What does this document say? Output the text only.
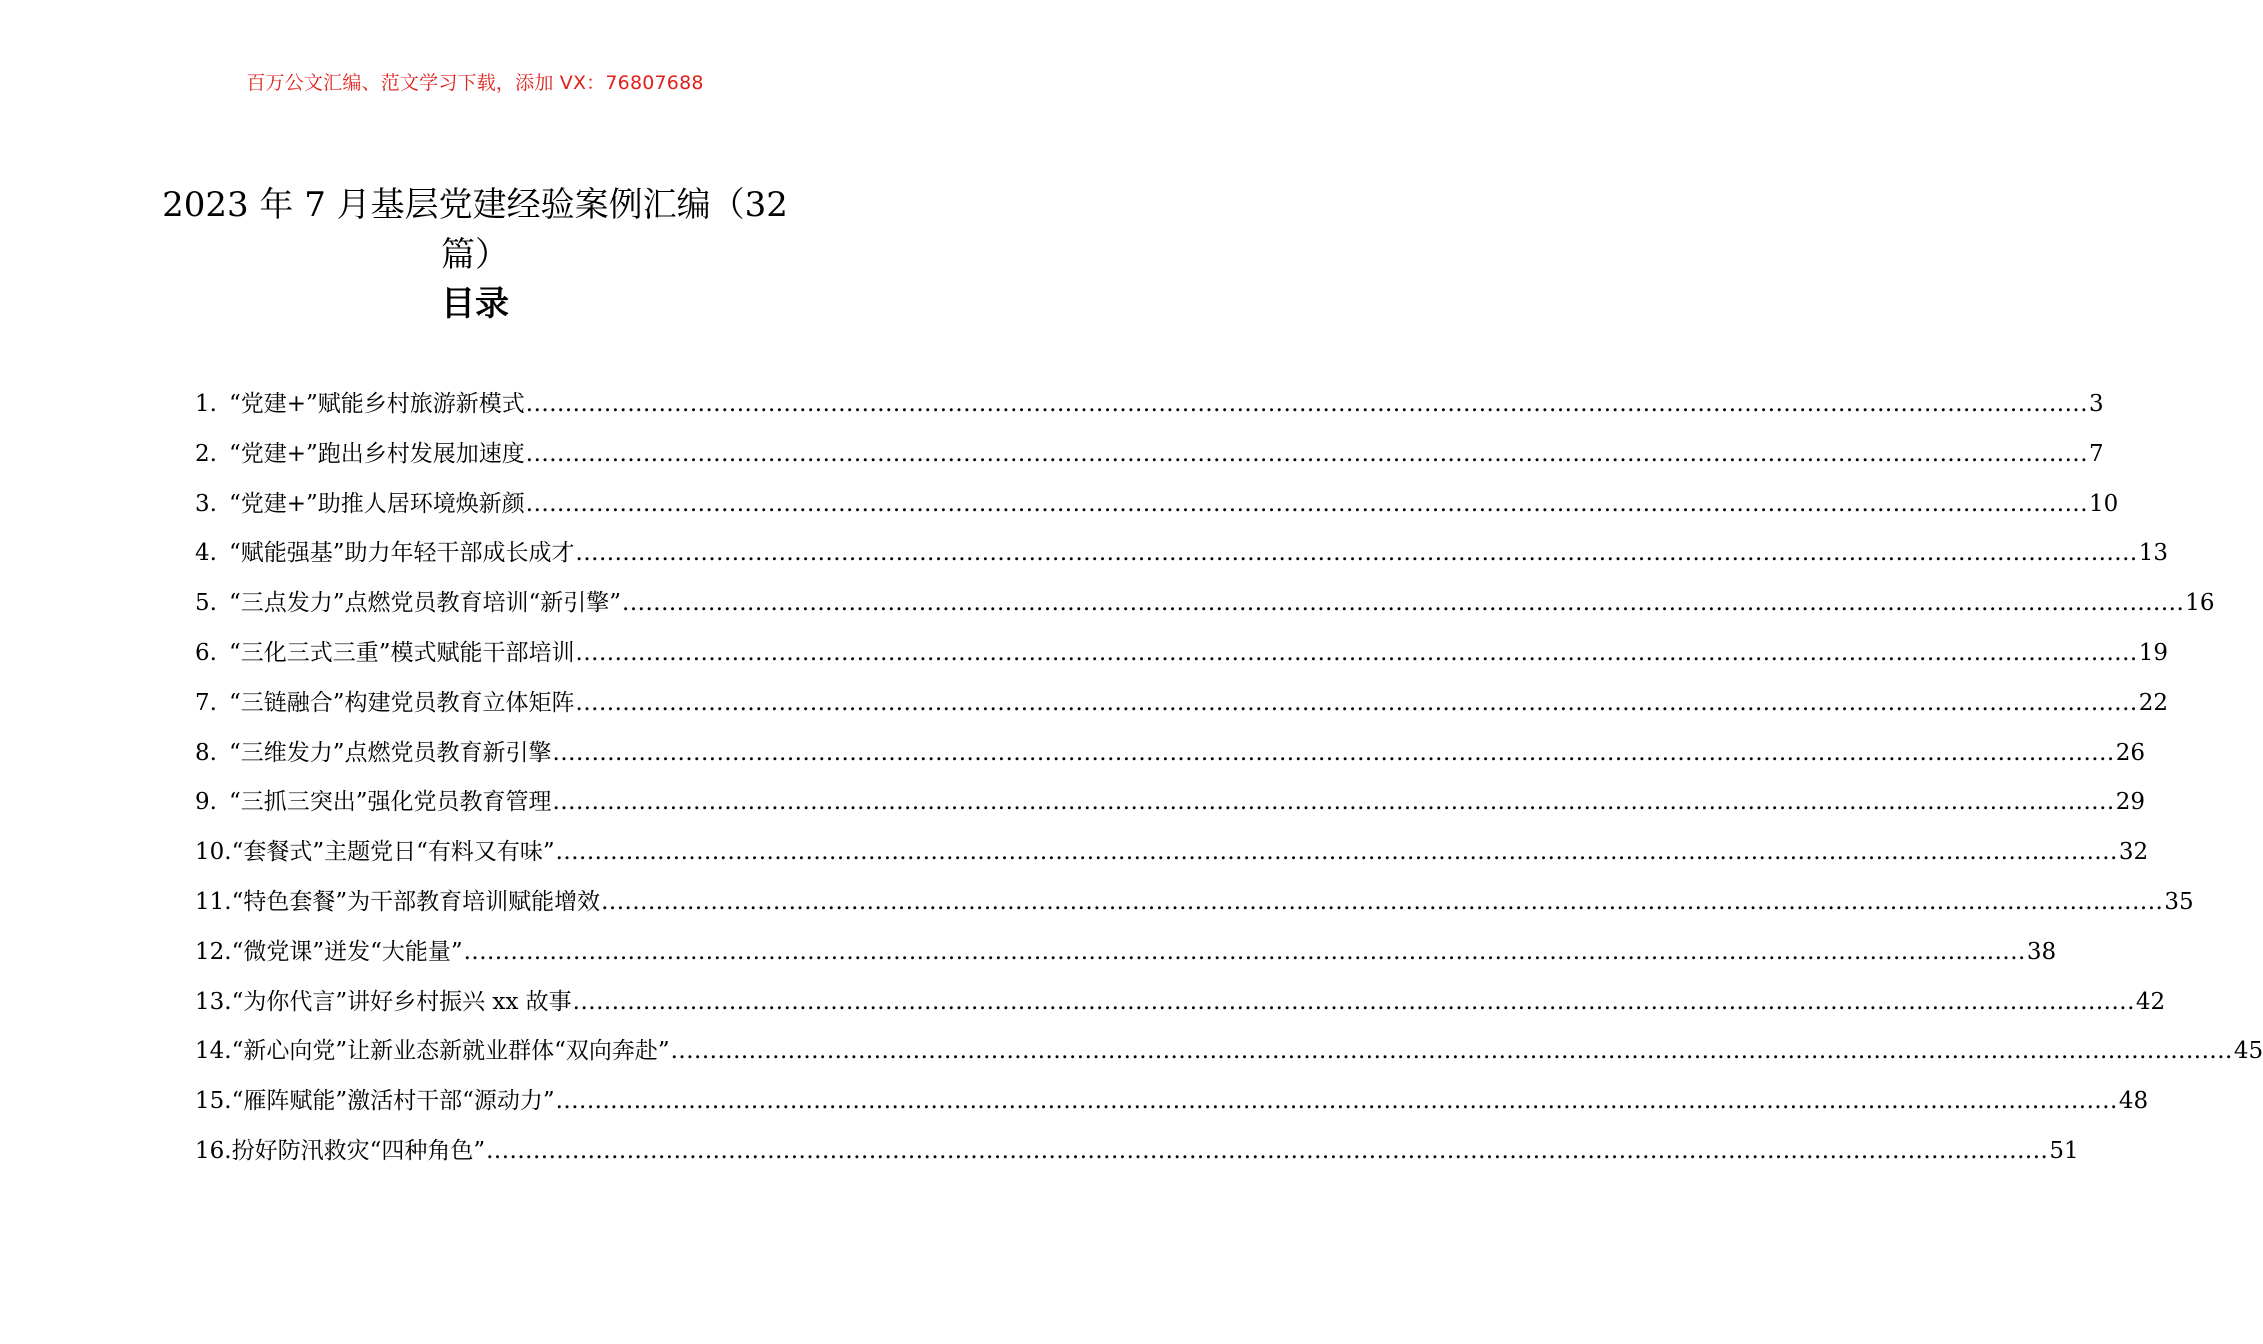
百万公文汇编、范文学习下载，添加 VX：76807688
2023 年 7 月基层党建经验案例汇编（32 篇）
目录
1. “党建+”赋能乡村旅游新模式 ........................................................................................................................................................................................................ 3
2. “党建+”跑出乡村发展加速度 ........................................................................................................................................................................................................ 7
3. “党建+”助推人居环境焕新颜 ........................................................................................................................................................................................................ 10
4. “赋能强基”助力年轻干部成长成才 ........................................................................................................................................................................................................ 13
5. “三点发力”点燃党员教育培训“新引擎” ........................................................................................................................................................................................................ 16
6. “三化三式三重”模式赋能干部培训 ........................................................................................................................................................................................................ 19
7. “三链融合”构建党员教育立体矩阵 ........................................................................................................................................................................................................ 22
8. “三维发力”点燃党员教育新引擎 ........................................................................................................................................................................................................ 26
9. “三抓三突出”强化党员教育管理 ........................................................................................................................................................................................................ 29
10. “套餐式”主题党日“有料又有味” ........................................................................................................................................................................................................ 32
11. “特色套餐”为干部教育培训赋能增效 ........................................................................................................................................................................................................ 35
12. “微党课”迸发“大能量” ........................................................................................................................................................................................................ 38
13. “为你代言”讲好乡村振兴 xx 故事 ........................................................................................................................................................................................................ 42
14. “新心向党”让新业态新就业群体“双向奔赴” ........................................................................................................................................................................................................ 45
15. “雁阵赋能”激活村干部“源动力” ........................................................................................................................................................................................................ 48
16. 扮好防汛救灾“四种角色” ........................................................................................................................................................................................................ 51
